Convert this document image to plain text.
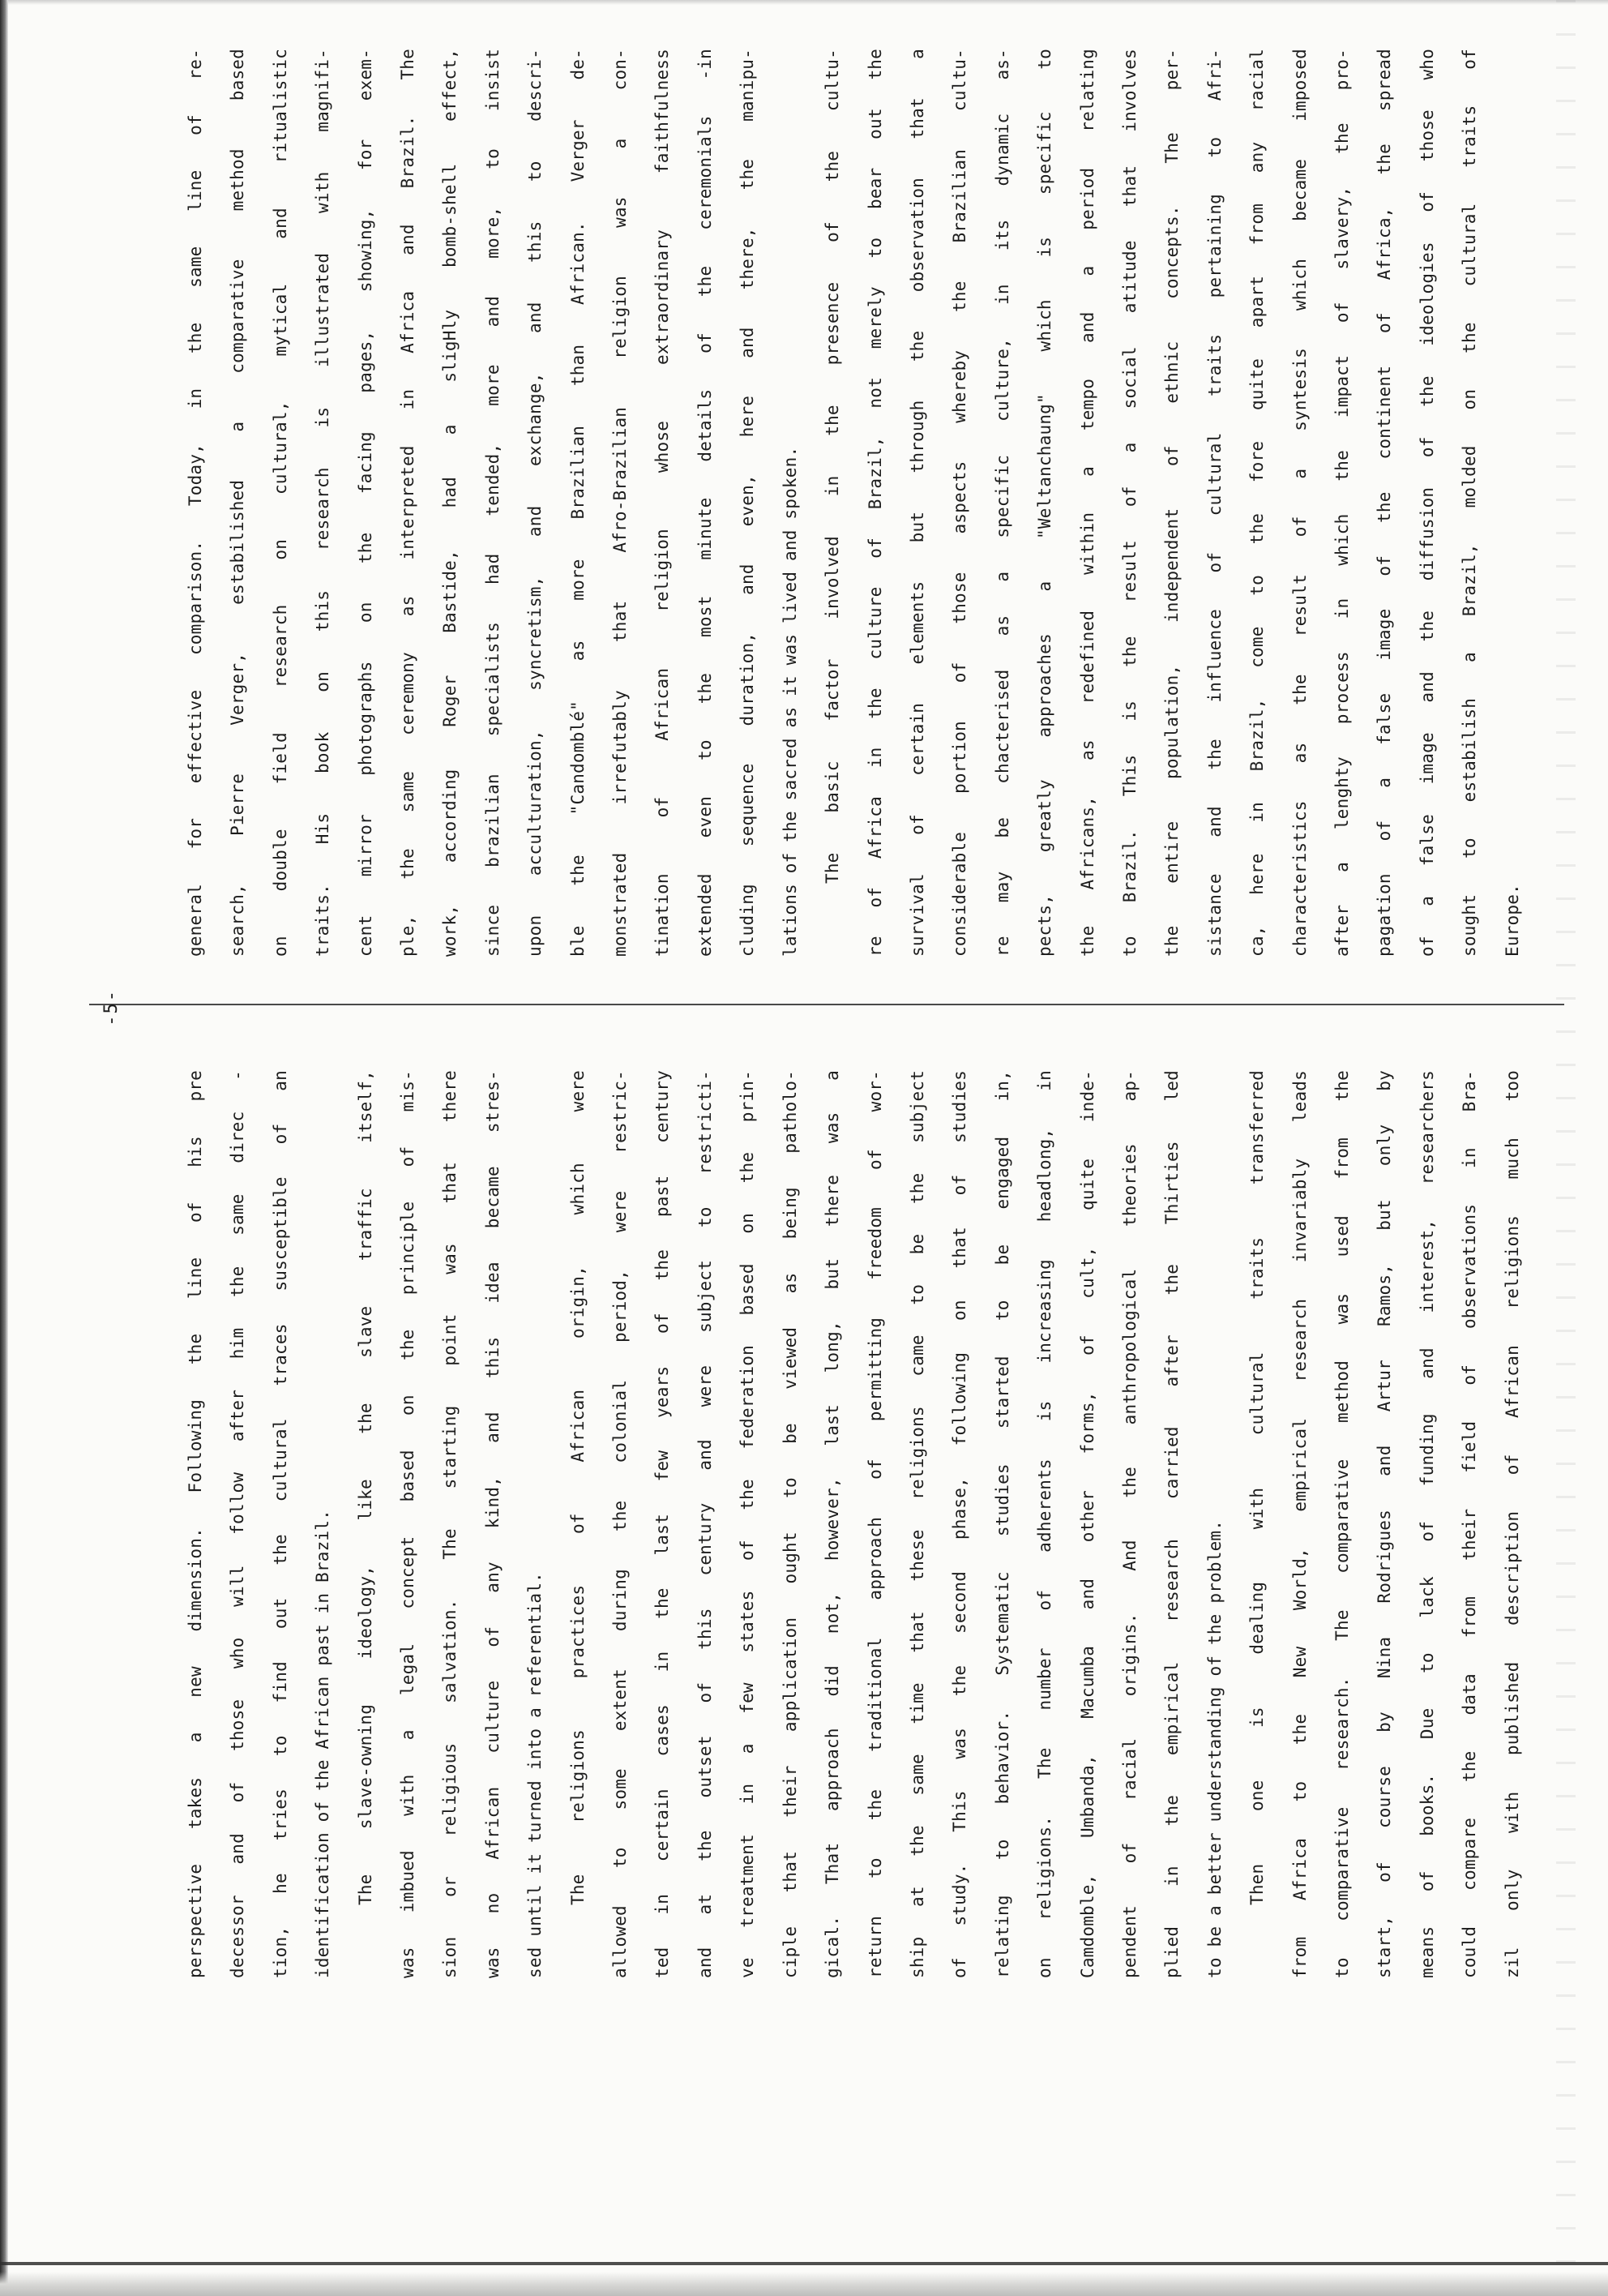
-5-
perspective takes a new dimension. Following the line of his pre	decessor and of those who will follow after him the same direc -	tion, he tries to find out the cultural traces susceptible of an	identification of the African past in Brazil.	The slave-owning ideology, like the slave traffic itself,	was imbued with a legal concept based on the principle of mis-	sion or religious salvation. The starting point was that there	was no African culture of any kind, and this idea became stres-	sed until it turned into a referential.	The religions practices of African origin, which were	allowed to some extent during the colonial period, were restric-	ted in certain cases in the last few years of the past century	and at the outset of this century and were subject to restricti-	ve treatment in a few states of the federation based on the prin-	ciple that their application ought to be viewed as being patholo-	gical. That approach did not, however, last long, but there was a	return to the traditional approach of permitting freedom of wor-	ship at the same time that these religions came to be the subject	of study. This was the second phase, following on that of studies	relating to behavior. Systematic studies started to be engaged in,	on religions. The number of adherents is increasing headlong, in	Camdomble, Umbanda, Macumba and other forms, of cult, quite inde-	pendent of racial origins. And the anthropological theories ap-	plied in the empirical research carried after the Thirties led	to be a better understanding of the problem.	Then one is dealing with cultural traits transferred	from Africa to the New World, empirical research invariably leads	to comparative research. The comparative method was used from the	start, of course by Nina Rodrigues and Artur Ramos, but only by	means of books. Due to lack of funding and interest, researchers	could compare the data from their field of observations in Bra-	zil only with published description of African religions much too
general for effective comparison. Today, in the same line of re-	search, Pierre Verger, estabilished a comparative method based	on double field research on cultural, mytical and ritualistic	traits. His book on this research is illustrated with magnifi-	cent mirror photographs on the facing pages, showing, for exem-	ple, the same ceremony as interpreted in Africa and Brazil. The	work, according Roger Bastide, had a sligHly bomb-shell effect,	since brazilian specialists had tended, more and more, to insist	upon acculturation, syncretism, and exchange, and this to descri-	ble the "Candomblé" as more Brazilian than African. Verger de-	monstrated irrefutably that Afro-Brazilian religion was a con-	tination of African religion whose extraordinary faithfulness	extended even to the most minute details of the ceremonials -in	cluding sequence duration, and even, here and there, the manipu-	lations of the sacred as it was lived and spoken.	The basic factor involved in the presence of the cultu-	re of Africa in the culture of Brazil, not merely to bear out the	survival of certain elements but through the observation that a	considerable portion of those aspects whereby the Brazilian cultu-	re may be chacterised as a specific culture, in its dynamic as-	pects, greatly approaches a "Weltanchaung" which is specific to	the Africans, as redefined within a tempo and a period relating	to Brazil. This is the result of a social atitude that involves	the entire population, independent of ethnic concepts. The per-	sistance and the influence of cultural traits pertaining to Afri-	ca, here in Brazil, come to the fore quite apart from any racial	characteristics as the result of a syntesis which became imposed	after a lenghty process in which the impact of slavery, the pro-	pagation of a false image of the continent of Africa, the spread	of a false image and the diffusion of the ideologies of those who	sought to estabilish a Brazil, molded on the cultural traits of	Europe.
